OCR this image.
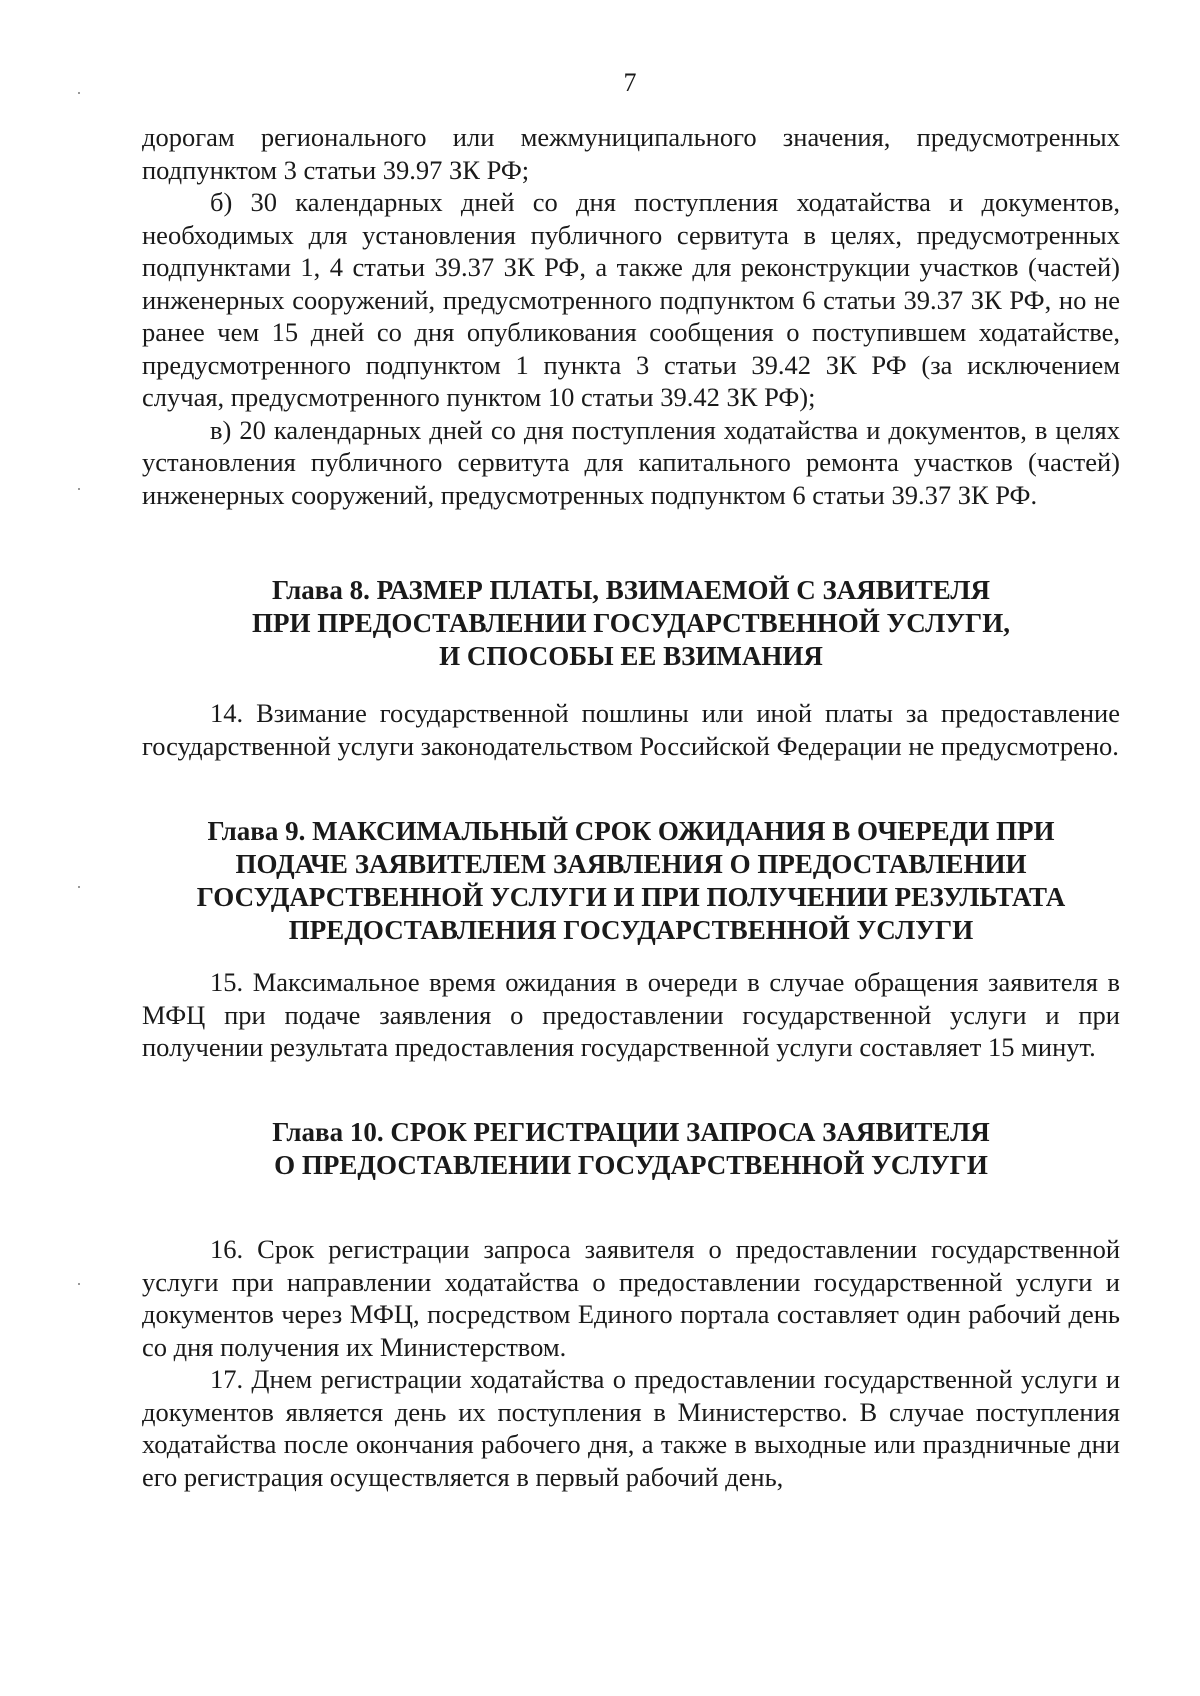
7

дорогам регионального или межмуниципального значения, предусмотренных подпунктом 3 статьи 39.97 ЗК РФ;

б) 30 календарных дней со дня поступления ходатайства и документов, необходимых для установления публичного сервитута в целях, предусмотренных подпунктами 1, 4 статьи 39.37 ЗК РФ, а также для реконструкции участков (частей) инженерных сооружений, предусмотренного подпунктом 6 статьи 39.37 ЗК РФ, но не ранее чем 15 дней со дня опубликования сообщения о поступившем ходатайстве, предусмотренного подпунктом 1 пункта 3 статьи 39.42 ЗК РФ (за исключением случая, предусмотренного пунктом 10 статьи 39.42 ЗК РФ);

в) 20 календарных дней со дня поступления ходатайства и документов, в целях установления публичного сервитута для капитального ремонта участков (частей) инженерных сооружений, предусмотренных подпунктом 6 статьи 39.37 ЗК РФ.

Глава 8. РАЗМЕР ПЛАТЫ, ВЗИМАЕМОЙ С ЗАЯВИТЕЛЯ
ПРИ ПРЕДОСТАВЛЕНИИ ГОСУДАРСТВЕННОЙ УСЛУГИ,
И СПОСОБЫ ЕЕ ВЗИМАНИЯ

14. Взимание государственной пошлины или иной платы за предоставление государственной услуги законодательством Российской Федерации не предусмотрено.

Глава 9. МАКСИМАЛЬНЫЙ СРОК ОЖИДАНИЯ В ОЧЕРЕДИ ПРИ
ПОДАЧЕ ЗАЯВИТЕЛЕМ ЗАЯВЛЕНИЯ О ПРЕДОСТАВЛЕНИИ
ГОСУДАРСТВЕННОЙ УСЛУГИ И ПРИ ПОЛУЧЕНИИ РЕЗУЛЬТАТА
ПРЕДОСТАВЛЕНИЯ ГОСУДАРСТВЕННОЙ УСЛУГИ

15. Максимальное время ожидания в очереди в случае обращения заявителя в МФЦ при подаче заявления о предоставлении государственной услуги и при получении результата предоставления государственной услуги составляет 15 минут.

Глава 10. СРОК РЕГИСТРАЦИИ ЗАПРОСА ЗАЯВИТЕЛЯ
О ПРЕДОСТАВЛЕНИИ ГОСУДАРСТВЕННОЙ УСЛУГИ

16. Срок регистрации запроса заявителя о предоставлении государственной услуги при направлении ходатайства о предоставлении государственной услуги и документов через МФЦ, посредством Единого портала составляет один рабочий день со дня получения их Министерством.

17. Днем регистрации ходатайства о предоставлении государственной услуги и документов является день их поступления в Министерство. В случае поступления ходатайства после окончания рабочего дня, а также в выходные или праздничные дни его регистрация осуществляется в первый рабочий день,
